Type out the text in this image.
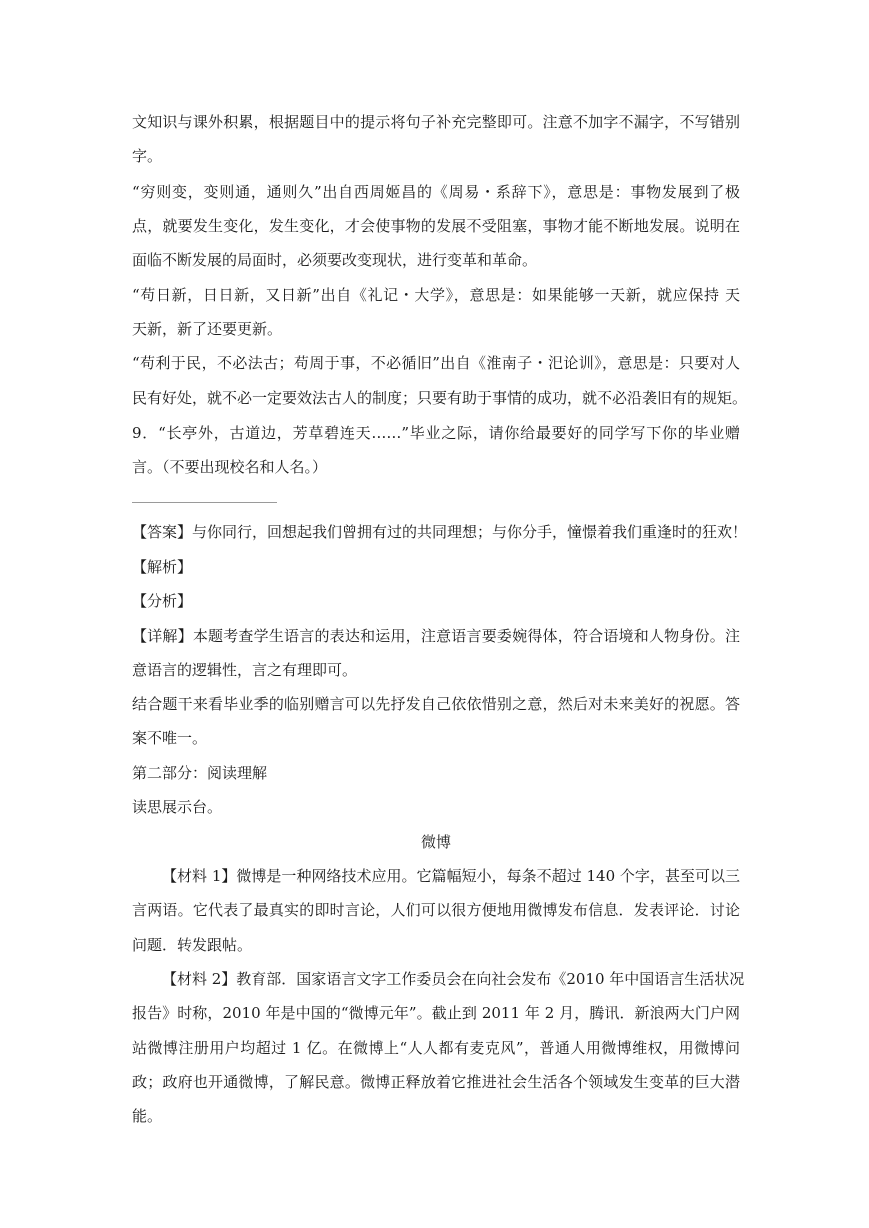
文知识与课外积累，根据题目中的提示将句子补充完整即可。注意不加字不漏字，不写错别
字。
“穷则变，变则通，通则久”出自西周姬昌的《周易・系辞下》，意思是：事物发展到了极
点，就要发生变化，发生变化，才会使事物的发展不受阻塞，事物才能不断地发展。说明在
面临不断发展的局面时，必须要改变现状，进行变革和革命。
“苟日新，日日新，又日新”出自《礼记・大学》，意思是：如果能够一天新，就应保持 天
天新，新了还要更新。
“苟利于民，不必法古；苟周于事，不必循旧”出自《淮南子・汜论训》，意思是：只要对人
民有好处，就不必一定要效法古人的制度；只要有助于事情的成功，就不必沿袭旧有的规矩。
9．“长亭外，古道边，芳草碧连天……”毕业之际，请你给最要好的同学写下你的毕业赠
言。（不要出现校名和人名。）
【答案】与你同行，回想起我们曾拥有过的共同理想；与你分手，憧憬着我们重逢时的狂欢！
【解析】
【分析】
【详解】本题考查学生语言的表达和运用，注意语言要委婉得体，符合语境和人物身份。注
意语言的逻辑性，言之有理即可。
结合题干来看毕业季的临别赠言可以先抒发自己依依惜别之意，然后对未来美好的祝愿。答
案不唯一。
第二部分：阅读理解
读思展示台。
微博
【材料 1】微博是一种网络技术应用。它篇幅短小，每条不超过 140 个字，甚至可以三
言两语。它代表了最真实的即时言论，人们可以很方便地用微博发布信息．发表评论．讨论
问题．转发跟帖。
【材料 2】教育部．国家语言文字工作委员会在向社会发布《2010 年中国语言生活状况
报告》时称，2010 年是中国的“微博元年”。截止到 2011 年 2 月，腾讯．新浪两大门户网
站微博注册用户均超过 1 亿。在微博上“人人都有麦克风”，普通人用微博维权，用微博问
政；政府也开通微博，了解民意。微博正释放着它推进社会生活各个领域发生变革的巨大潜
能。
